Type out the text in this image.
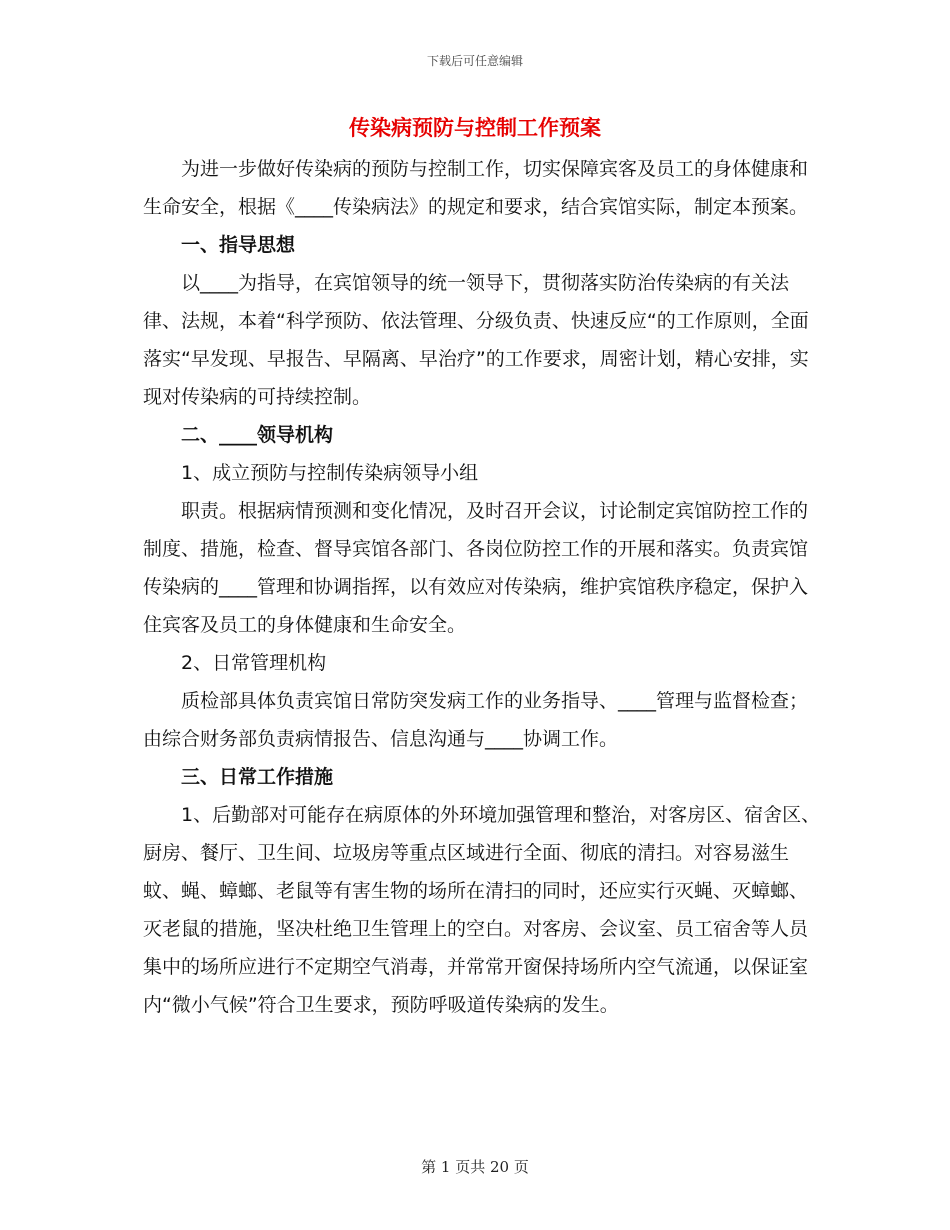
下载后可任意编辑
传染病预防与控制工作预案

为进一步做好传染病的预防与控制工作，切实保障宾客及员工的身体健康和生命安全，根据《____传染病法》的规定和要求，结合宾馆实际，制定本预案。

一、指导思想

以____为指导，在宾馆领导的统一领导下，贯彻落实防治传染病的有关法律、法规，本着“科学预防、依法管理、分级负责、快速反应“的工作原则，全面落实“早发现、早报告、早隔离、早治疗”的工作要求，周密计划，精心安排，实现对传染病的可持续控制。

二、____领导机构

1、成立预防与控制传染病领导小组

职责。根据病情预测和变化情况，及时召开会议，讨论制定宾馆防控工作的制度、措施，检查、督导宾馆各部门、各岗位防控工作的开展和落实。负责宾馆传染病的____管理和协调指挥，以有效应对传染病，维护宾馆秩序稳定，保护入住宾客及员工的身体健康和生命安全。

2、日常管理机构

质检部具体负责宾馆日常防突发病工作的业务指导、____管理与监督检查；由综合财务部负责病情报告、信息沟通与____协调工作。

三、日常工作措施

1、后勤部对可能存在病原体的外环境加强管理和整治，对客房区、宿舍区、厨房、餐厅、卫生间、垃圾房等重点区域进行全面、彻底的清扫。对容易滋生蚊、蝇、蟑螂、老鼠等有害生物的场所在清扫的同时，还应实行灭蝇、灭蟑螂、灭老鼠的措施，坚决杜绝卫生管理上的空白。对客房、会议室、员工宿舍等人员集中的场所应进行不定期空气消毒，并常常开窗保持场所内空气流通，以保证室内“微小气候”符合卫生要求，预防呼吸道传染病的发生。

第 1 页共 20 页
